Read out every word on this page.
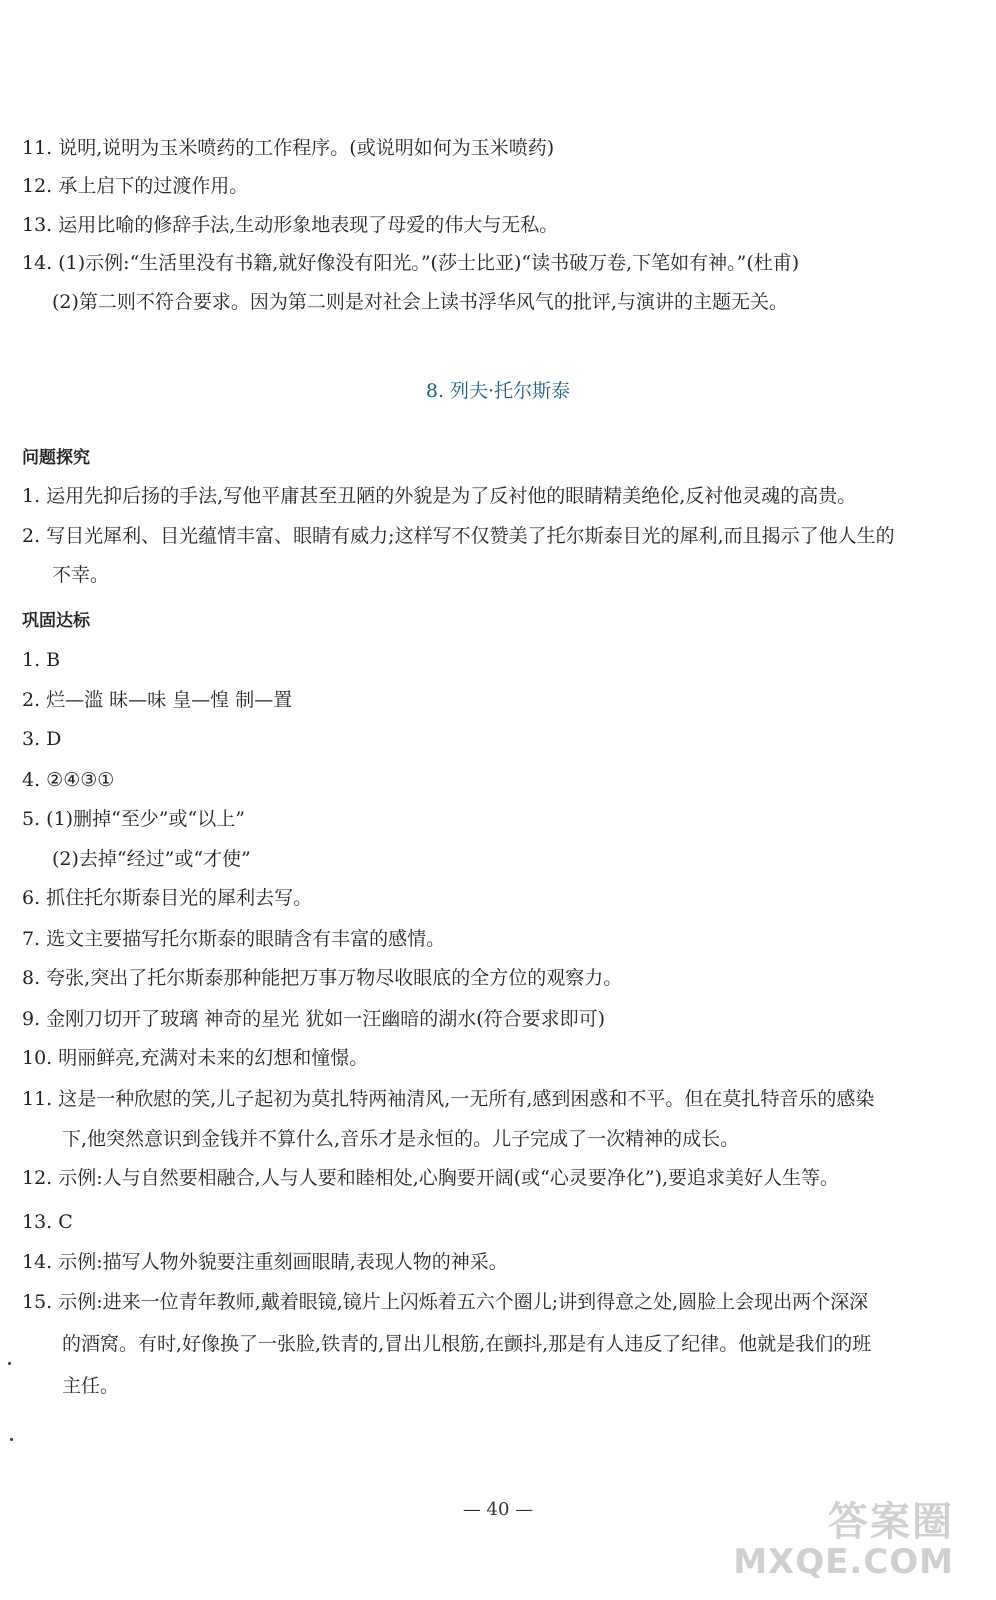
11. 说明,说明为玉米喷药的工作程序。(或说明如何为玉米喷药)
12. 承上启下的过渡作用。
13. 运用比喻的修辞手法,生动形象地表现了母爱的伟大与无私。
14. (1)示例:“生活里没有书籍,就好像没有阳光。”(莎士比亚)“读书破万卷,下笔如有神。”(杜甫)
(2)第二则不符合要求。因为第二则是对社会上读书浮华风气的批评,与演讲的主题无关。
8. 列夫·托尔斯泰
问题探究
1. 运用先抑后扬的手法,写他平庸甚至丑陋的外貌是为了反衬他的眼睛精美绝伦,反衬他灵魂的高贵。
2. 写目光犀利、目光蕴情丰富、眼睛有威力;这样写不仅赞美了托尔斯泰目光的犀利,而且揭示了他人生的
不幸。
巩固达标
1. B
2. 烂—滥 昧—味 皇—惶 制—置
3. D
4. ②④③①
5. (1)删掉“至少”或“以上”
(2)去掉“经过”或“才使”
6. 抓住托尔斯泰目光的犀利去写。
7. 选文主要描写托尔斯泰的眼睛含有丰富的感情。
8. 夸张,突出了托尔斯泰那种能把万事万物尽收眼底的全方位的观察力。
9. 金刚刀切开了玻璃 神奇的星光 犹如一汪幽暗的湖水(符合要求即可)
10. 明丽鲜亮,充满对未来的幻想和憧憬。
11. 这是一种欣慰的笑,儿子起初为莫扎特两袖清风,一无所有,感到困惑和不平。但在莫扎特音乐的感染
下,他突然意识到金钱并不算什么,音乐才是永恒的。儿子完成了一次精神的成长。
12. 示例:人与自然要相融合,人与人要和睦相处,心胸要开阔(或“心灵要净化”),要追求美好人生等。
13. C
14. 示例:描写人物外貌要注重刻画眼睛,表现人物的神采。
15. 示例:进来一位青年教师,戴着眼镜,镜片上闪烁着五六个圈儿;讲到得意之处,圆脸上会现出两个深深
的酒窝。有时,好像换了一张脸,铁青的,冒出儿根筋,在颤抖,那是有人违反了纪律。他就是我们的班
主任。
— 40 —	答案圈
MXQE.COM
